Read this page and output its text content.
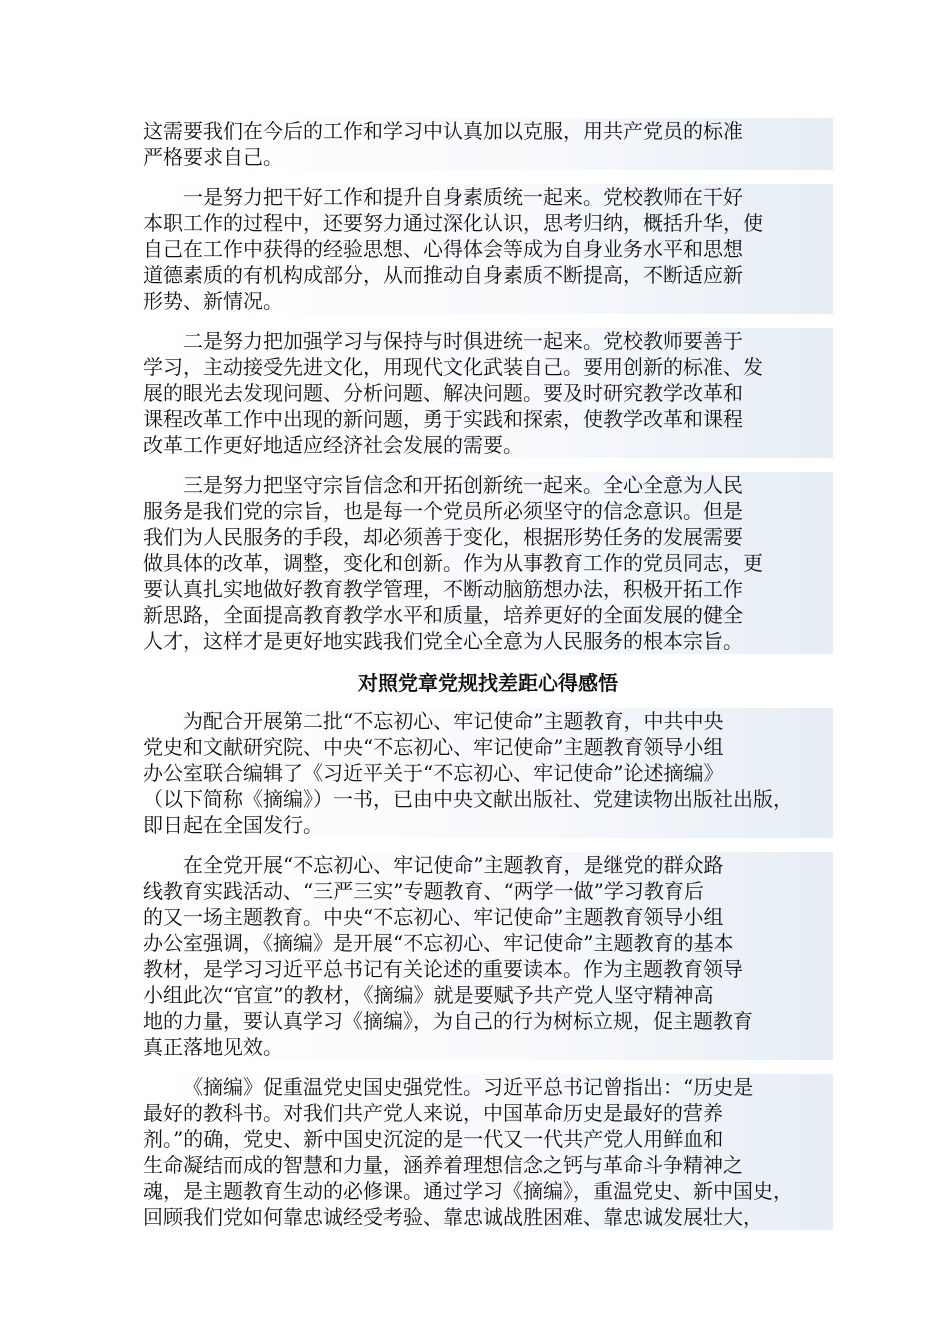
这需要我们在今后的工作和学习中认真加以克服，用共产党员的标准
严格要求自己。
一是努力把干好工作和提升自身素质统一起来。党校教师在干好
本职工作的过程中，还要努力通过深化认识，思考归纳，概括升华，使
自己在工作中获得的经验思想、心得体会等成为自身业务水平和思想
道德素质的有机构成部分，从而推动自身素质不断提高，不断适应新
形势、新情况。
二是努力把加强学习与保持与时俱进统一起来。党校教师要善于
学习，主动接受先进文化，用现代文化武装自己。要用创新的标准、发
展的眼光去发现问题、分析问题、解决问题。要及时研究教学改革和
课程改革工作中出现的新问题，勇于实践和探索，使教学改革和课程
改革工作更好地适应经济社会发展的需要。
三是努力把坚守宗旨信念和开拓创新统一起来。全心全意为人民
服务是我们党的宗旨，也是每一个党员所必须坚守的信念意识。但是
我们为人民服务的手段，却必须善于变化，根据形势任务的发展需要
做具体的改革，调整，变化和创新。作为从事教育工作的党员同志，更
要认真扎实地做好教育教学管理，不断动脑筋想办法，积极开拓工作
新思路，全面提高教育教学水平和质量，培养更好的全面发展的健全
人才，这样才是更好地实践我们党全心全意为人民服务的根本宗旨。
对照党章党规找差距心得感悟
为配合开展第二批“不忘初心、牢记使命”主题教育，中共中央
党史和文献研究院、中央“不忘初心、牢记使命”主题教育领导小组
办公室联合编辑了《习近平关于“不忘初心、牢记使命”论述摘编》
（以下简称《摘编》）一书，已由中央文献出版社、党建读物出版社出版，
即日起在全国发行。
在全党开展“不忘初心、牢记使命”主题教育，是继党的群众路
线教育实践活动、“三严三实”专题教育、“两学一做”学习教育后
的又一场主题教育。中央“不忘初心、牢记使命”主题教育领导小组
办公室强调，《摘编》是开展“不忘初心、牢记使命”主题教育的基本
教材，是学习习近平总书记有关论述的重要读本。作为主题教育领导
小组此次“官宣”的教材，《摘编》就是要赋予共产党人坚守精神高
地的力量，要认真学习《摘编》，为自己的行为树标立规，促主题教育
真正落地见效。
《摘编》促重温党史国史强党性。习近平总书记曾指出：“历史是
最好的教科书。对我们共产党人来说，中国革命历史是最好的营养
剂。”的确，党史、新中国史沉淀的是一代又一代共产党人用鲜血和
生命凝结而成的智慧和力量，涵养着理想信念之钙与革命斗争精神之
魂，是主题教育生动的必修课。通过学习《摘编》，重温党史、新中国史，
回顾我们党如何靠忠诚经受考验、靠忠诚战胜困难、靠忠诚发展壮大，
